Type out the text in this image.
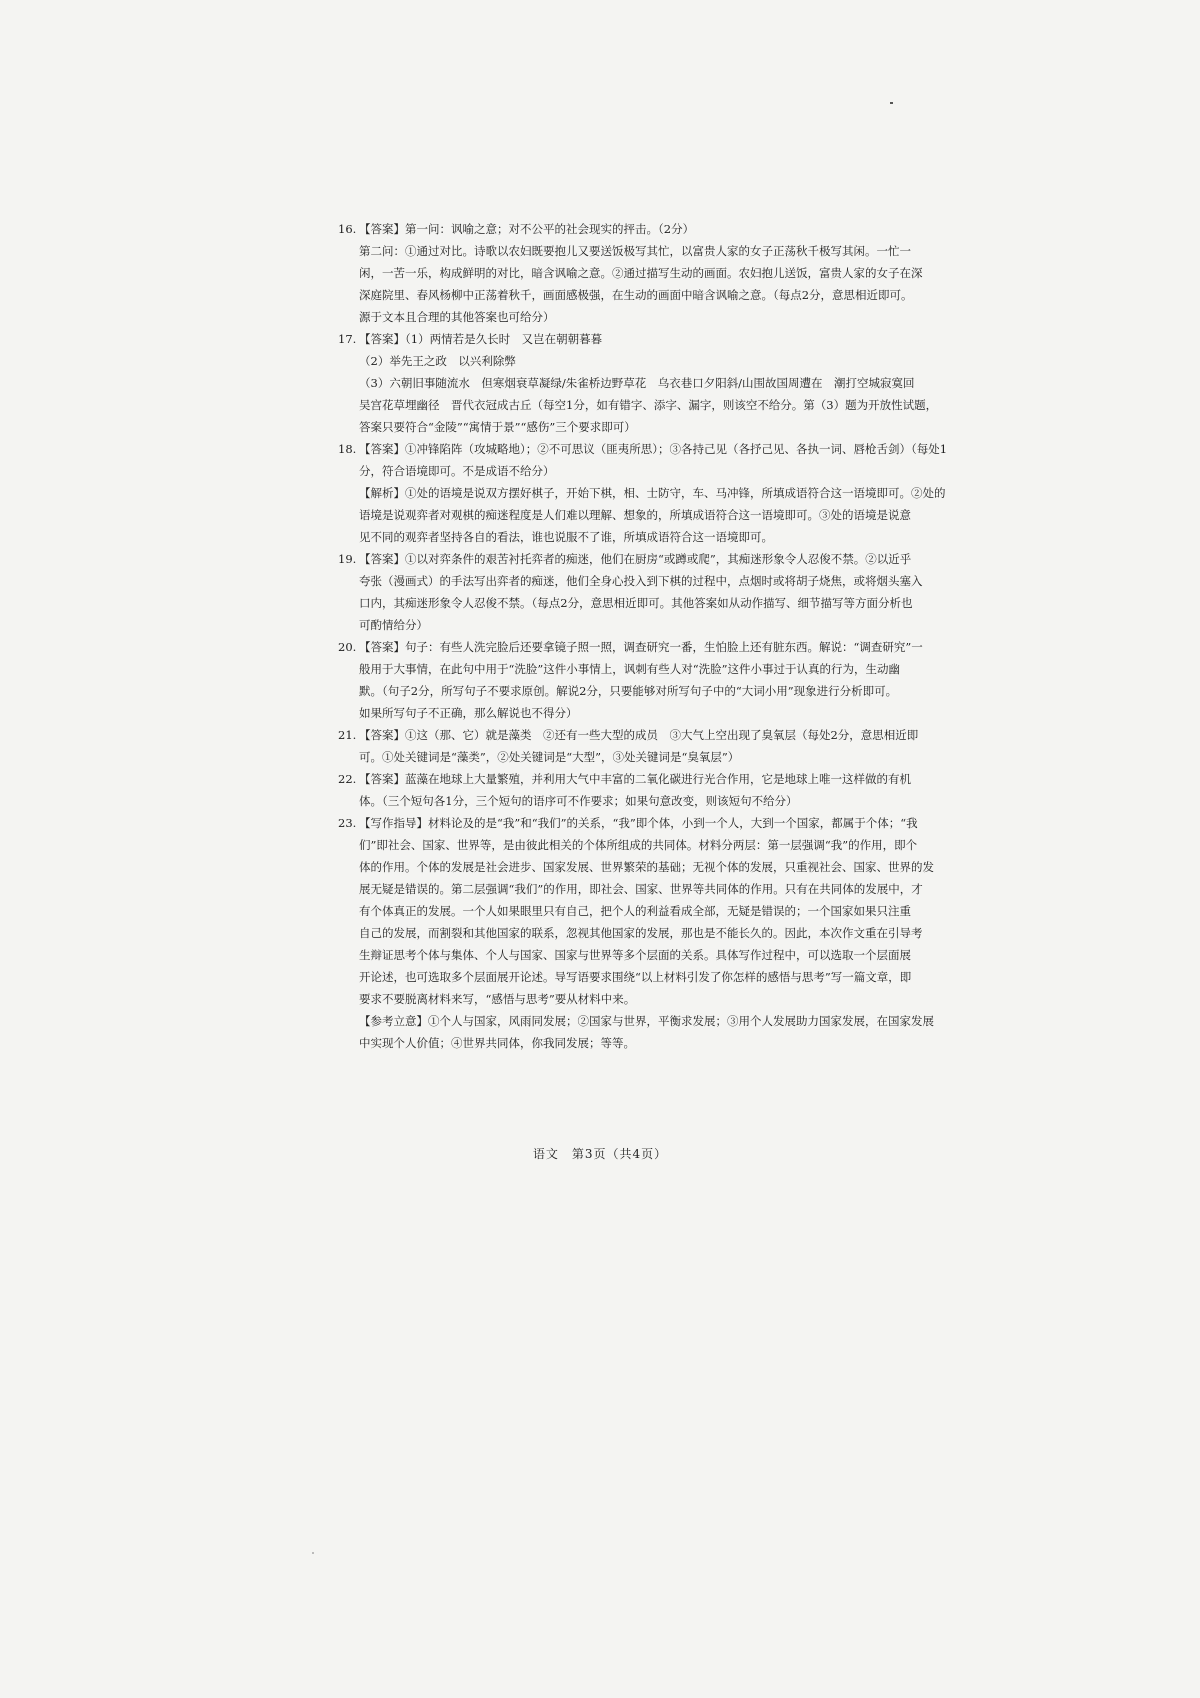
16. 【答案】第一问：讽喻之意；对不公平的社会现实的抨击。（2分）
第二问：①通过对比。诗歌以农妇既要抱儿又要送饭极写其忙，以富贵人家的女子正荡秋千极写其闲。一忙一
闲，一苦一乐，构成鲜明的对比，暗含讽喻之意。②通过描写生动的画面。农妇抱儿送饭，富贵人家的女子在深
深庭院里、春风杨柳中正荡着秋千，画面感极强，在生动的画面中暗含讽喻之意。（每点2分，意思相近即可。
源于文本且合理的其他答案也可给分）
17. 【答案】（1）两情若是久长时　又岂在朝朝暮暮
（2）举先王之政　以兴利除弊
（3）六朝旧事随流水　但寒烟衰草凝绿/朱雀桥边野草花　乌衣巷口夕阳斜/山围故国周遭在　潮打空城寂寞回
吴宫花草埋幽径　晋代衣冠成古丘（每空1分，如有错字、添字、漏字，则该空不给分。第（3）题为开放性试题，
答案只要符合“金陵”“寓情于景”“感伤”三个要求即可）
18. 【答案】①冲锋陷阵（攻城略地）；②不可思议（匪夷所思）；③各持己见（各抒己见、各执一词、唇枪舌剑）（每处1
分，符合语境即可。不是成语不给分）
【解析】①处的语境是说双方摆好棋子，开始下棋，相、士防守，车、马冲锋，所填成语符合这一语境即可。②处的
语境是说观弈者对观棋的痴迷程度是人们难以理解、想象的，所填成语符合这一语境即可。③处的语境是说意
见不同的观弈者坚持各自的看法，谁也说服不了谁，所填成语符合这一语境即可。
19. 【答案】①以对弈条件的艰苦衬托弈者的痴迷，他们在厨房“或蹲或爬”，其痴迷形象令人忍俊不禁。②以近乎
夸张（漫画式）的手法写出弈者的痴迷，他们全身心投入到下棋的过程中，点烟时或将胡子烧焦，或将烟头塞入
口内，其痴迷形象令人忍俊不禁。（每点2分，意思相近即可。其他答案如从动作描写、细节描写等方面分析也
可酌情给分）
20. 【答案】句子：有些人洗完脸后还要拿镜子照一照，调查研究一番，生怕脸上还有脏东西。解说：“调查研究”一
般用于大事情，在此句中用于“洗脸”这件小事情上，讽刺有些人对“洗脸”这件小事过于认真的行为，生动幽
默。（句子2分，所写句子不要求原创。解说2分，只要能够对所写句子中的“大词小用”现象进行分析即可。
如果所写句子不正确，那么解说也不得分）
21. 【答案】①这（那、它）就是藻类　②还有一些大型的成员　③大气上空出现了臭氧层（每处2分，意思相近即
可。①处关键词是“藻类”，②处关键词是“大型”，③处关键词是“臭氧层”）
22. 【答案】蓝藻在地球上大量繁殖，并利用大气中丰富的二氧化碳进行光合作用，它是地球上唯一这样做的有机
体。（三个短句各1分，三个短句的语序可不作要求；如果句意改变，则该短句不给分）
23. 【写作指导】材料论及的是“我”和“我们”的关系，“我”即个体，小到一个人，大到一个国家，都属于个体；“我
们”即社会、国家、世界等，是由彼此相关的个体所组成的共同体。材料分两层：第一层强调“我”的作用，即个
体的作用。个体的发展是社会进步、国家发展、世界繁荣的基础；无视个体的发展，只重视社会、国家、世界的发
展无疑是错误的。第二层强调“我们”的作用，即社会、国家、世界等共同体的作用。只有在共同体的发展中，才
有个体真正的发展。一个人如果眼里只有自己，把个人的利益看成全部，无疑是错误的；一个国家如果只注重
自己的发展，而割裂和其他国家的联系，忽视其他国家的发展，那也是不能长久的。因此，本次作文重在引导考
生辩证思考个体与集体、个人与国家、国家与世界等多个层面的关系。具体写作过程中，可以选取一个层面展
开论述，也可选取多个层面展开论述。导写语要求围绕“以上材料引发了你怎样的感悟与思考”写一篇文章，即
要求不要脱离材料来写，“感悟与思考”要从材料中来。
【参考立意】①个人与国家，风雨同发展；②国家与世界，平衡求发展；③用个人发展助力国家发展，在国家发展
中实现个人价值；④世界共同体，你我同发展；等等。
语文　第3页（共4页）
